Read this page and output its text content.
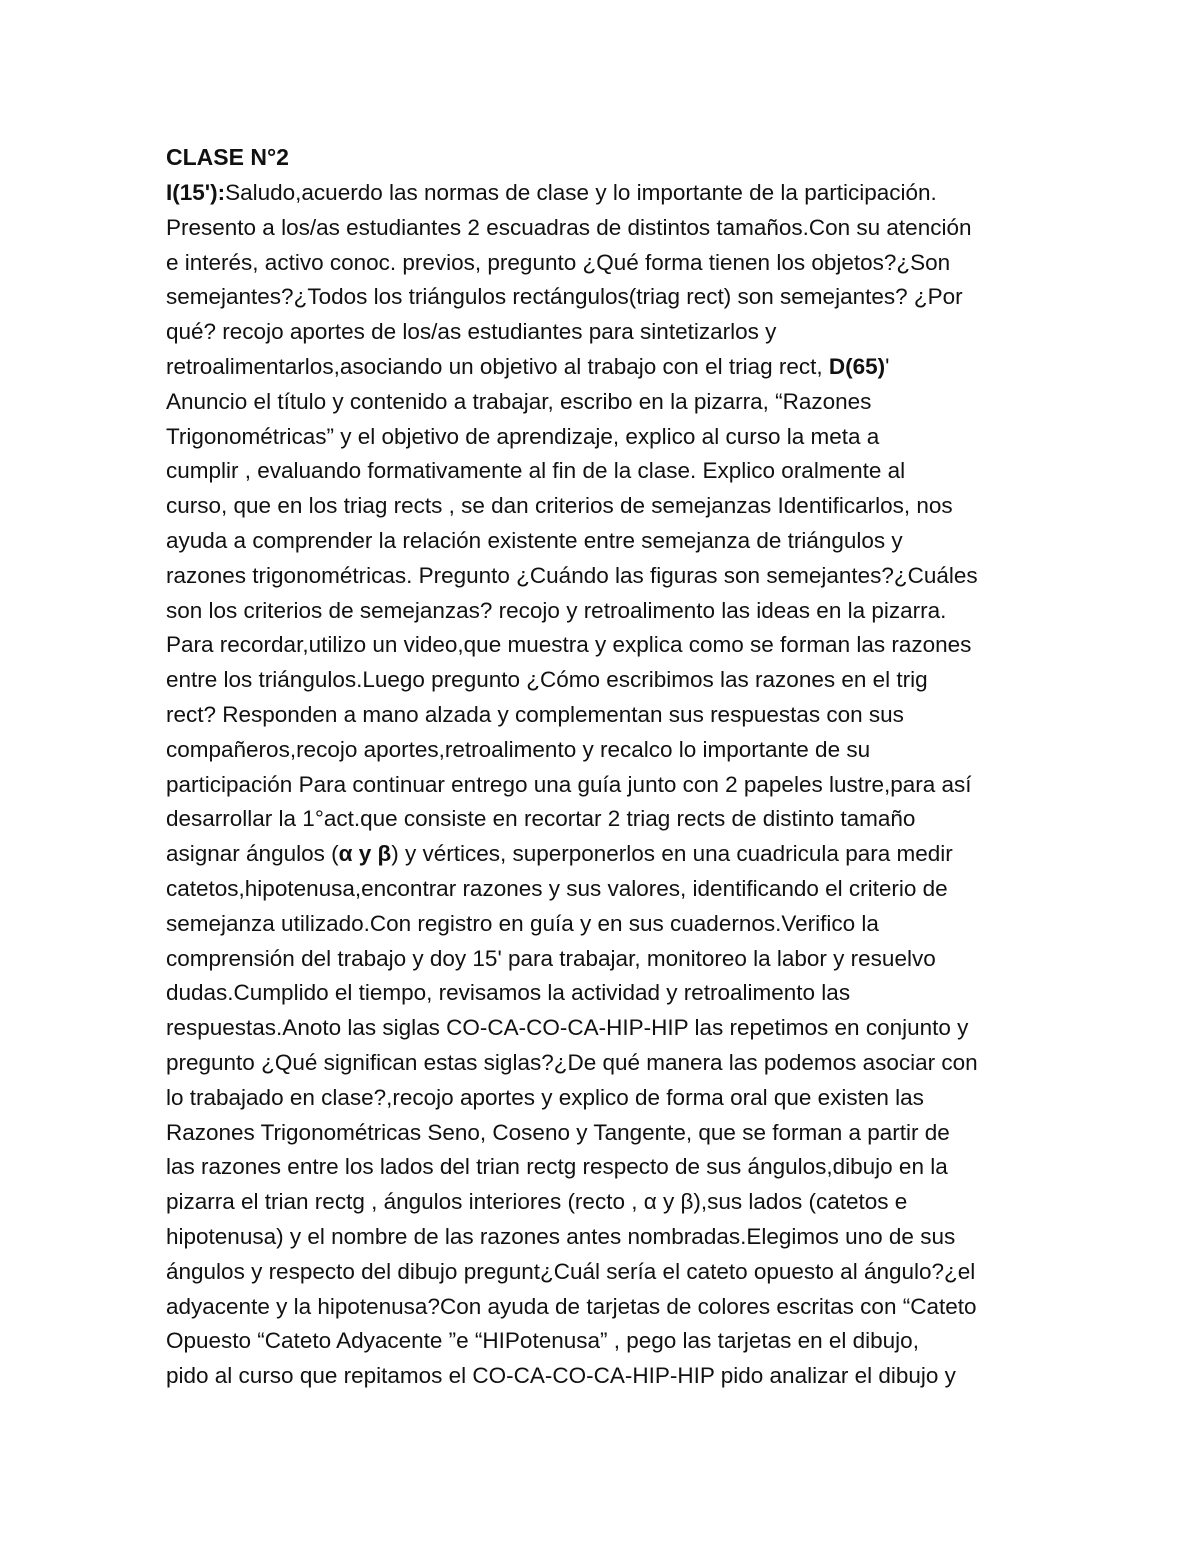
CLASE N°2
I(15'):Saludo,acuerdo las normas de clase y lo importante de la participación.
Presento a los/as estudiantes 2 escuadras de distintos tamaños.Con su atención
e interés, activo conoc. previos, pregunto ¿Qué forma tienen los objetos?¿Son
semejantes?¿Todos los triángulos rectángulos(triag rect) son semejantes? ¿Por
qué? recojo aportes de los/as estudiantes para sintetizarlos y
retroalimentarlos,asociando un objetivo al trabajo con el triag rect, D(65)'
Anuncio el título y contenido a trabajar, escribo en la pizarra, “Razones
Trigonométricas” y el objetivo de aprendizaje, explico al curso la meta a
cumplir , evaluando formativamente al fin de la clase. Explico oralmente al
curso, que en los triag rects , se dan criterios de semejanzas Identificarlos, nos
ayuda a comprender la relación existente entre semejanza de triángulos y
razones trigonométricas. Pregunto ¿Cuándo las figuras son semejantes?¿Cuáles
son los criterios de semejanzas? recojo y retroalimento las ideas en la pizarra.
Para recordar,utilizo un video,que muestra y explica como se forman las razones
entre los triángulos.Luego pregunto ¿Cómo escribimos las razones en el trig
rect? Responden a mano alzada y complementan sus respuestas con sus
compañeros,recojo aportes,retroalimento y recalco lo importante de su
participación Para continuar entrego una guía junto con 2 papeles lustre,para así
desarrollar la 1°act.que consiste en recortar 2 triag rects de distinto tamaño
asignar ángulos (α y β) y vértices, superponerlos en una cuadricula para medir
catetos,hipotenusa,encontrar razones y sus valores, identificando el criterio de
semejanza utilizado.Con registro en guía y en sus cuadernos.Verifico la
comprensión del trabajo y doy 15' para trabajar, monitoreo la labor y resuelvo
dudas.Cumplido el tiempo, revisamos la actividad y retroalimento las
respuestas.Anoto las siglas CO-CA-CO-CA-HIP-HIP las repetimos en conjunto y
pregunto ¿Qué significan estas siglas?¿De qué manera las podemos asociar con
lo trabajado en clase?,recojo aportes y explico de forma oral que existen las
Razones Trigonométricas Seno, Coseno y Tangente, que se forman a partir de
las razones entre los lados del trian rectg respecto de sus ángulos,dibujo en la
pizarra el trian rectg , ángulos interiores (recto , α y β),sus lados (catetos e
hipotenusa) y el nombre de las razones antes nombradas.Elegimos uno de sus
ángulos y respecto del dibujo pregunt¿Cuál sería el cateto opuesto al ángulo?¿el
adyacente y la hipotenusa?Con ayuda de tarjetas de colores escritas con “Cateto
Opuesto “Cateto Adyacente ”e “HIPotenusa” , pego las tarjetas en el dibujo,
pido al curso que repitamos el CO-CA-CO-CA-HIP-HIP pido analizar el dibujo y
